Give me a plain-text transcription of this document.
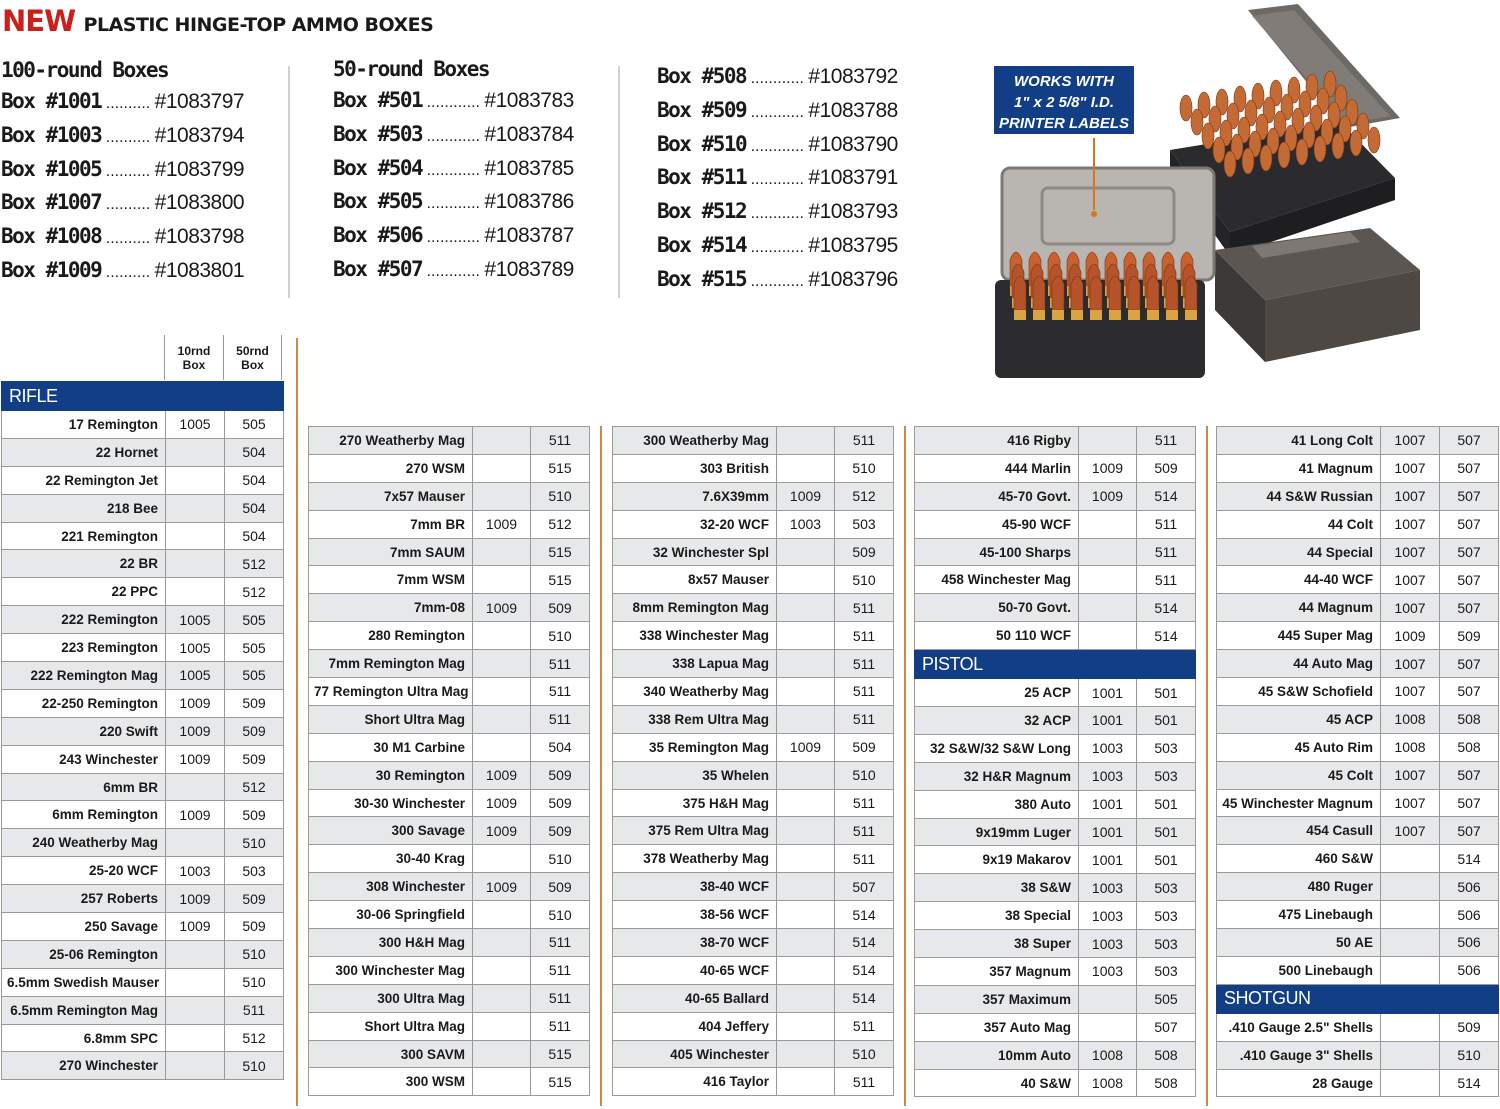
NEW PLASTIC HINGE-TOP AMMO BOXES
100-round Boxes
Box #1001 .......... #1083797
Box #1003 .......... #1083794
Box #1005 .......... #1083799
Box #1007 .......... #1083800
Box #1008 .......... #1083798
Box #1009 .......... #1083801
50-round Boxes
Box #501 ............ #1083783
Box #503 ............ #1083784
Box #504 ............ #1083785
Box #505 ............ #1083786
Box #506 ............ #1083787
Box #507 ............ #1083789
Box #508 ............ #1083792
Box #509 ............ #1083788
Box #510 ............ #1083790
Box #511 ............ #1083791
Box #512 ............ #1083793
Box #514 ............ #1083795
Box #515 ............ #1083796
WORKS WITH
1" x 2 5/8" I.D.
PRINTER LABELS
10rnd
Box
50rnd
Box
RIFLE		
17 Remington	1005	505
22 Hornet		504
22 Remington Jet		504
218 Bee		504
221 Remington		504
22 BR		512
22 PPC		512
222 Remington	1005	505
223 Remington	1005	505
222 Remington Mag	1005	505
22-250 Remington	1009	509
220 Swift	1009	509
243 Winchester	1009	509
6mm BR		512
6mm Remington	1009	509
240 Weatherby Mag		510
25-20 WCF	1003	503
257 Roberts	1009	509
250 Savage	1009	509
25-06 Remington		510
6.5mm Swedish Mauser		510
6.5mm Remington Mag		511
6.8mm SPC		512
270 Winchester		510
270 Weatherby Mag		511
270 WSM		515
7x57 Mauser		510
7mm BR	1009	512
7mm SAUM		515
7mm WSM		515
7mm-08	1009	509
280 Remington		510
7mm Remington Mag		511
77 Remington Ultra Mag		511
Short Ultra Mag		511
30 M1 Carbine		504
30 Remington	1009	509
30-30 Winchester	1009	509
300 Savage	1009	509
30-40 Krag		510
308 Winchester	1009	509
30-06 Springfield		510
300 H&H Mag		511
300 Winchester Mag		511
300 Ultra Mag		511
Short Ultra Mag		511
300 SAVM		515
300 WSM		515
300 Weatherby Mag		511
303 British		510
7.6X39mm	1009	512
32-20 WCF	1003	503
32 Winchester Spl		509
8x57 Mauser		510
8mm Remington Mag		511
338 Winchester Mag		511
338 Lapua Mag		511
340 Weatherby Mag		511
338 Rem Ultra Mag		511
35 Remington Mag	1009	509
35 Whelen		510
375 H&H Mag		511
375 Rem Ultra Mag		511
378 Weatherby Mag		511
38-40 WCF		507
38-56 WCF		514
38-70 WCF		514
40-65 WCF		514
40-65 Ballard		514
404 Jeffery		511
405 Winchester		510
416 Taylor		511
416 Rigby		511
444 Marlin	1009	509
45-70 Govt.	1009	514
45-90 WCF		511
45-100 Sharps		511
458 Winchester Mag		511
50-70 Govt.		514
50 110 WCF		514
PISTOL		
25 ACP	1001	501
32 ACP	1001	501
32 S&W/32 S&W Long	1003	503
32 H&R Magnum	1003	503
380 Auto	1001	501
9x19mm Luger	1001	501
9x19 Makarov	1001	501
38 S&W	1003	503
38 Special	1003	503
38 Super	1003	503
357 Magnum	1003	503
357 Maximum		505
357 Auto Mag		507
10mm Auto	1008	508
40 S&W	1008	508
41 Long Colt	1007	507
41 Magnum	1007	507
44 S&W Russian	1007	507
44 Colt	1007	507
44 Special	1007	507
44-40 WCF	1007	507
44 Magnum	1007	507
445 Super Mag	1009	509
44 Auto Mag	1007	507
45 S&W Schofield	1007	507
45 ACP	1008	508
45 Auto Rim	1008	508
45 Colt	1007	507
45 Winchester Magnum	1007	507
454 Casull	1007	507
460 S&W		514
480 Ruger		506
475 Linebaugh		506
50 AE		506
500 Linebaugh		506
SHOTGUN		
.410 Gauge 2.5" Shells		509
.410 Gauge 3" Shells		510
28 Gauge		514
